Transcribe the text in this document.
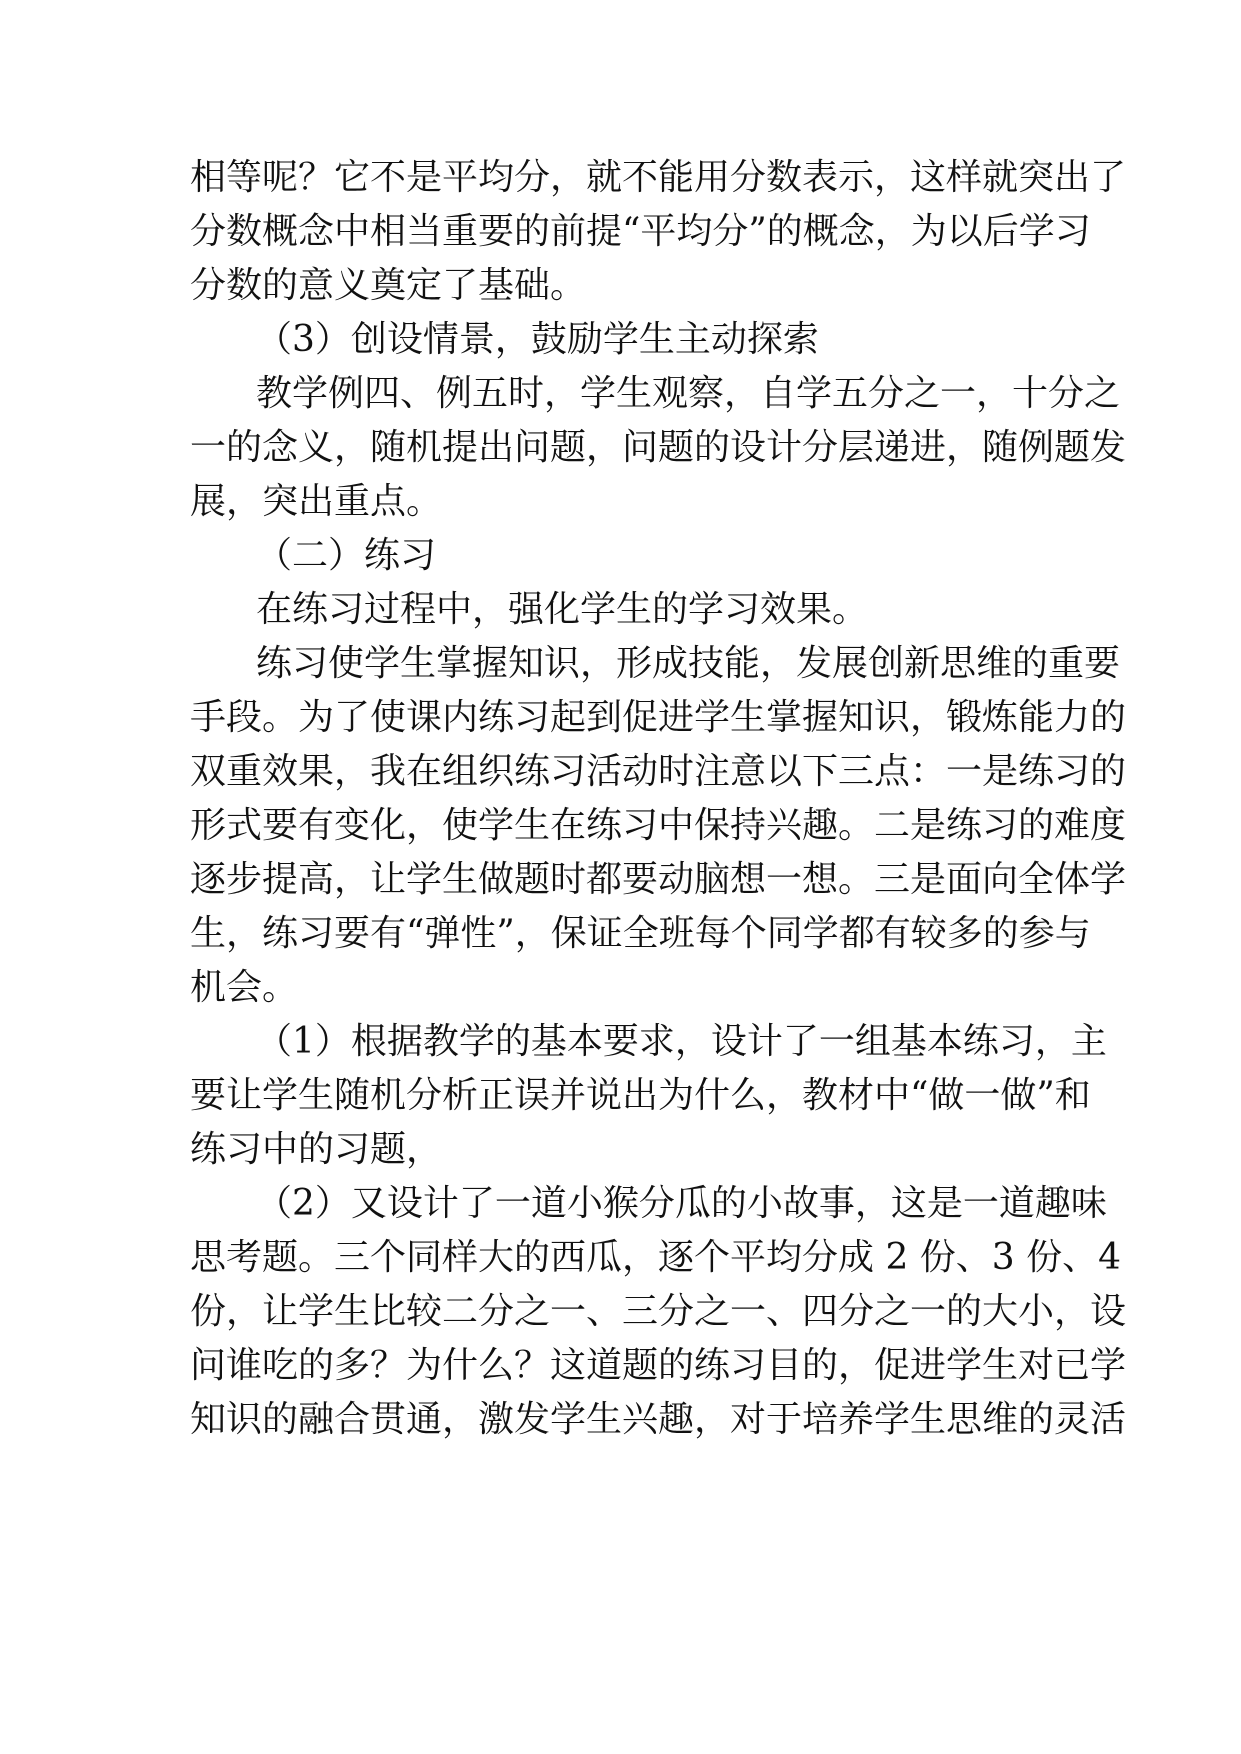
相等呢？它不是平均分，就不能用分数表示，这样就突出了
分数概念中相当重要的前提“平均分”的概念，为以后学习
分数的意义奠定了基础。
（3）创设情景，鼓励学生主动探索
教学例四、例五时，学生观察，自学五分之一，十分之
一的念义，随机提出问题，问题的设计分层递进，随例题发
展，突出重点。
（二）练习
在练习过程中，强化学生的学习效果。
练习使学生掌握知识，形成技能，发展创新思维的重要
手段。为了使课内练习起到促进学生掌握知识，锻炼能力的
双重效果，我在组织练习活动时注意以下三点：一是练习的
形式要有变化，使学生在练习中保持兴趣。二是练习的难度
逐步提高，让学生做题时都要动脑想一想。三是面向全体学
生，练习要有“弹性”，保证全班每个同学都有较多的参与
机会。
（1）根据教学的基本要求，设计了一组基本练习，主
要让学生随机分析正误并说出为什么，教材中“做一做”和
练习中的习题，
（2）又设计了一道小猴分瓜的小故事，这是一道趣味
思考题。三个同样大的西瓜，逐个平均分成 2 份、3 份、4
份，让学生比较二分之一、三分之一、四分之一的大小，设
问谁吃的多？为什么？这道题的练习目的，促进学生对已学
知识的融合贯通，激发学生兴趣，对于培养学生思维的灵活
